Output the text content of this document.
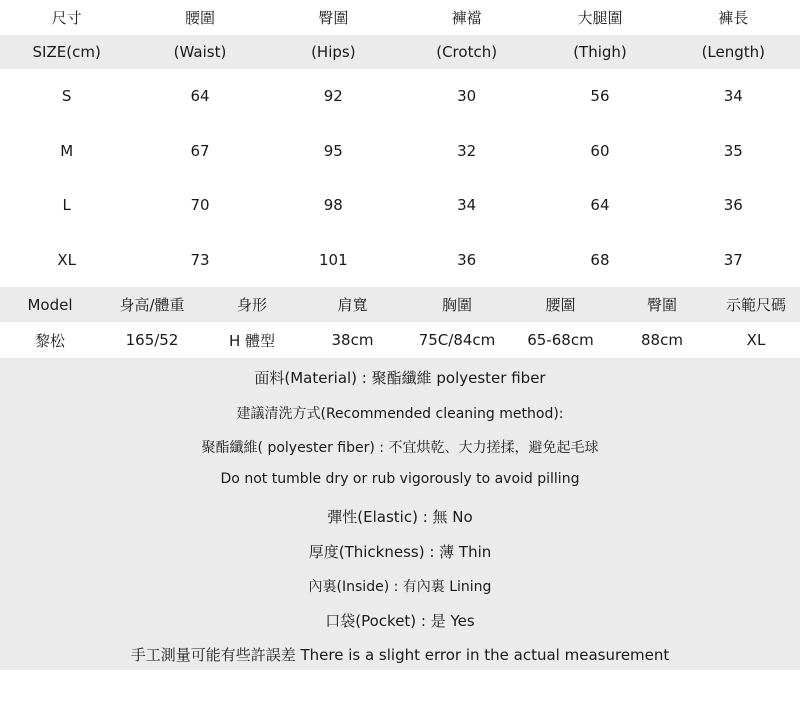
尺寸	腰圍	臀圍	褲襠	大腿圍	褲長
SIZE(cm)	(Waist)	(Hips)	(Crotch)	(Thigh)	(Length)
S	64	92	30	56	34
M	67	95	32	60	35
L	70	98	34	64	36
XL	73	101	36	68	37
Model	身高/體重	身形	肩寬	胸圍	腰圍	臀圍	示範尺碼
黎松	165/52	H 體型	38cm	75C/84cm	65-68cm	88cm	XL
面料(Material) : 聚酯纖維 polyester fiber
建議清洗方式(Recommended cleaning method):
聚酯纖維( polyester fiber) : 不宜烘乾、大力搓揉，避免起毛球
Do not tumble dry or rub vigorously to avoid pilling
彈性(Elastic) : 無 No
厚度(Thickness) : 薄 Thin
內裏(Inside) : 有內裏 Lining
口袋(Pocket) : 是 Yes
手工測量可能有些許誤差 There is a slight error in the actual measurement
